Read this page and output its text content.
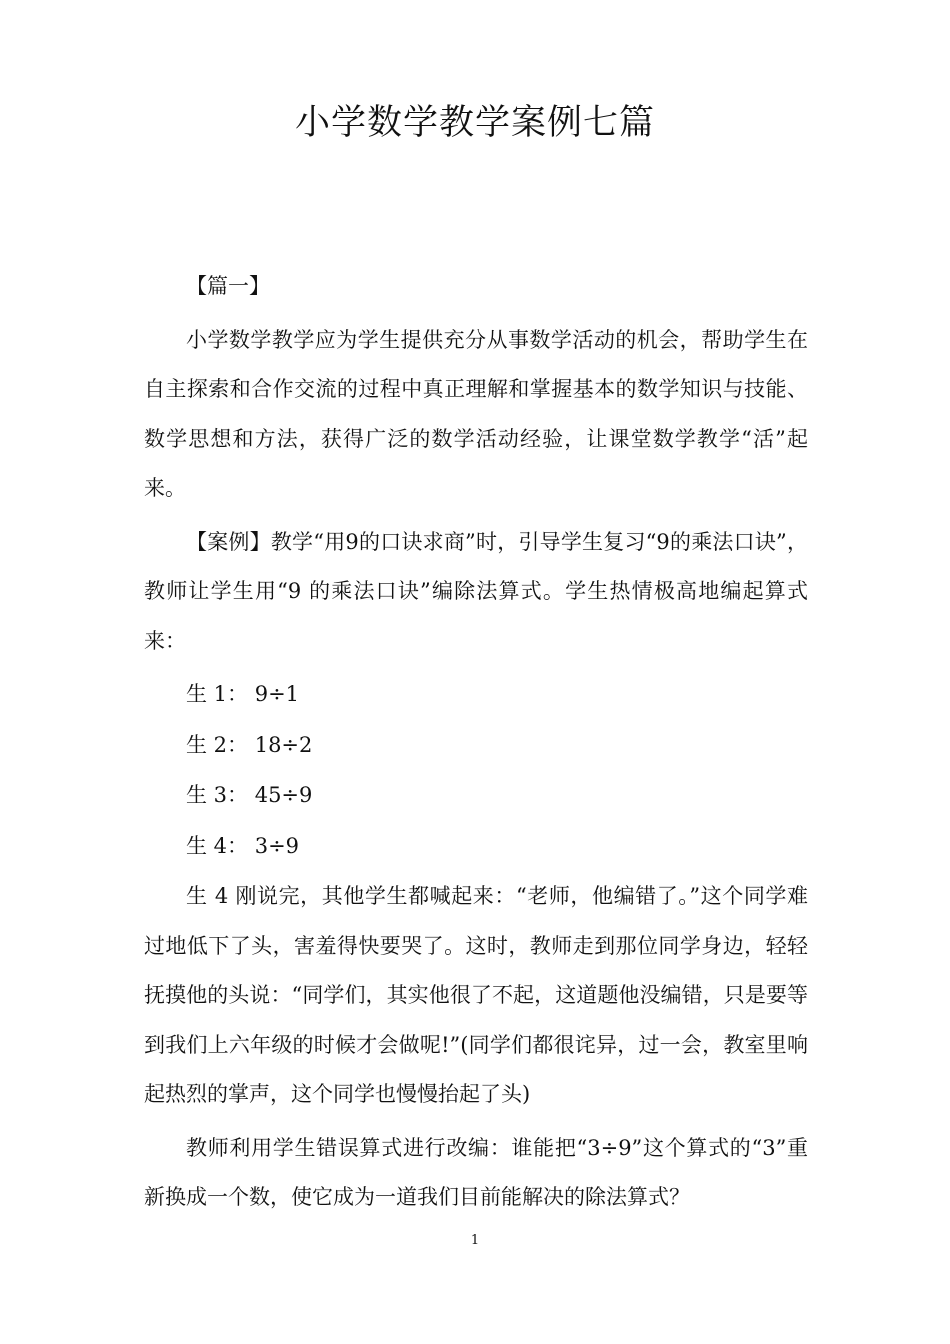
小学数学教学案例七篇

【篇一】

小学数学教学应为学生提供充分从事数学活动的机会，帮助学生在自主探索和合作交流的过程中真正理解和掌握基本的数学知识与技能、数学思想和方法，获得广泛的数学活动经验，让课堂数学教学“活”起来。

【案例】教学“用9的口诀求商”时，引导学生复习“9的乘法口诀”，教师让学生用“9 的乘法口诀”编除法算式。学生热情极高地编起算式来：

生 1： 9÷1

生 2： 18÷2

生 3： 45÷9

生 4： 3÷9

生 4 刚说完，其他学生都喊起来：“老师，他编错了。”这个同学难过地低下了头，害羞得快要哭了。这时，教师走到那位同学身边，轻轻抚摸他的头说：“同学们，其实他很了不起，这道题他没编错，只是要等到我们上六年级的时候才会做呢!”(同学们都很诧异，过一会，教室里响起热烈的掌声，这个同学也慢慢抬起了头)

教师利用学生错误算式进行改编：谁能把“3÷9”这个算式的“3”重新换成一个数，使它成为一道我们目前能解决的除法算式？

1
